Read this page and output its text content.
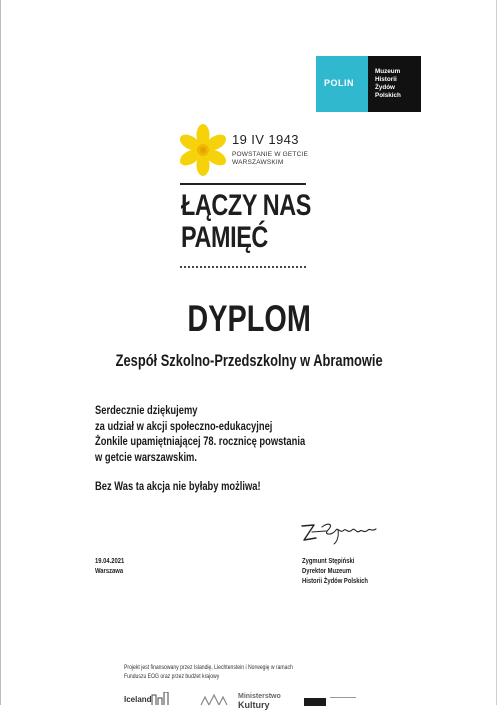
POLIN
Muzeum
Historii
Żydów
Polskich
19 IV 1943
POWSTANIE W GETCIE
WARSZAWSKIM
ŁĄCZY NAS
PAMIĘĆ
DYPLOM
Zespół Szkolno-Przedszkolny w Abramowie
Serdecznie dziękujemy
za udział w akcji społeczno-edukacyjnej
Żonkile upamiętniającej 78. rocznicę powstania
w getcie warszawskim.
Bez Was ta akcja nie byłaby możliwa!
19.04.2021
Warszawa
Zygmunt Stępiński
Dyrektor Muzeum
Historii Żydów Polskich
Projekt jest finansowany przez Islandię, Liechtenstein i Norwegię w ramach
Funduszu EOG oraz przez budżet krajowy
Iceland	Ministerstwo
Kultury
